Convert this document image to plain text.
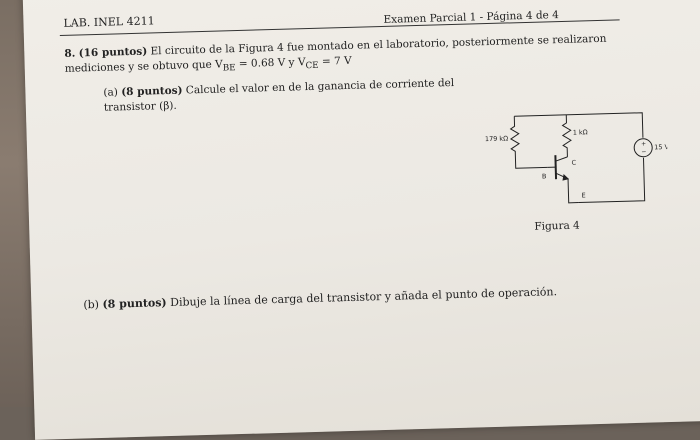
LAB. INEL 4211	Examen Parcial 1 - Página 4 de 4
8. (16 puntos) El circuito de la Figura 4 fue montado en el laboratorio, posteriormente se realizaron mediciones y se obtuvo que $V_{BE} = 0.68$ V y $V_{CE} = 7$ V
(a) (8 puntos) Calcule el valor en de la ganancia de corriente del transistor (β).
+
−
179 kΩ
1 kΩ
15 V
B
C
E
Figura 4
(b) (8 puntos) Dibuje la línea de carga del transistor y añada el punto de operación.
